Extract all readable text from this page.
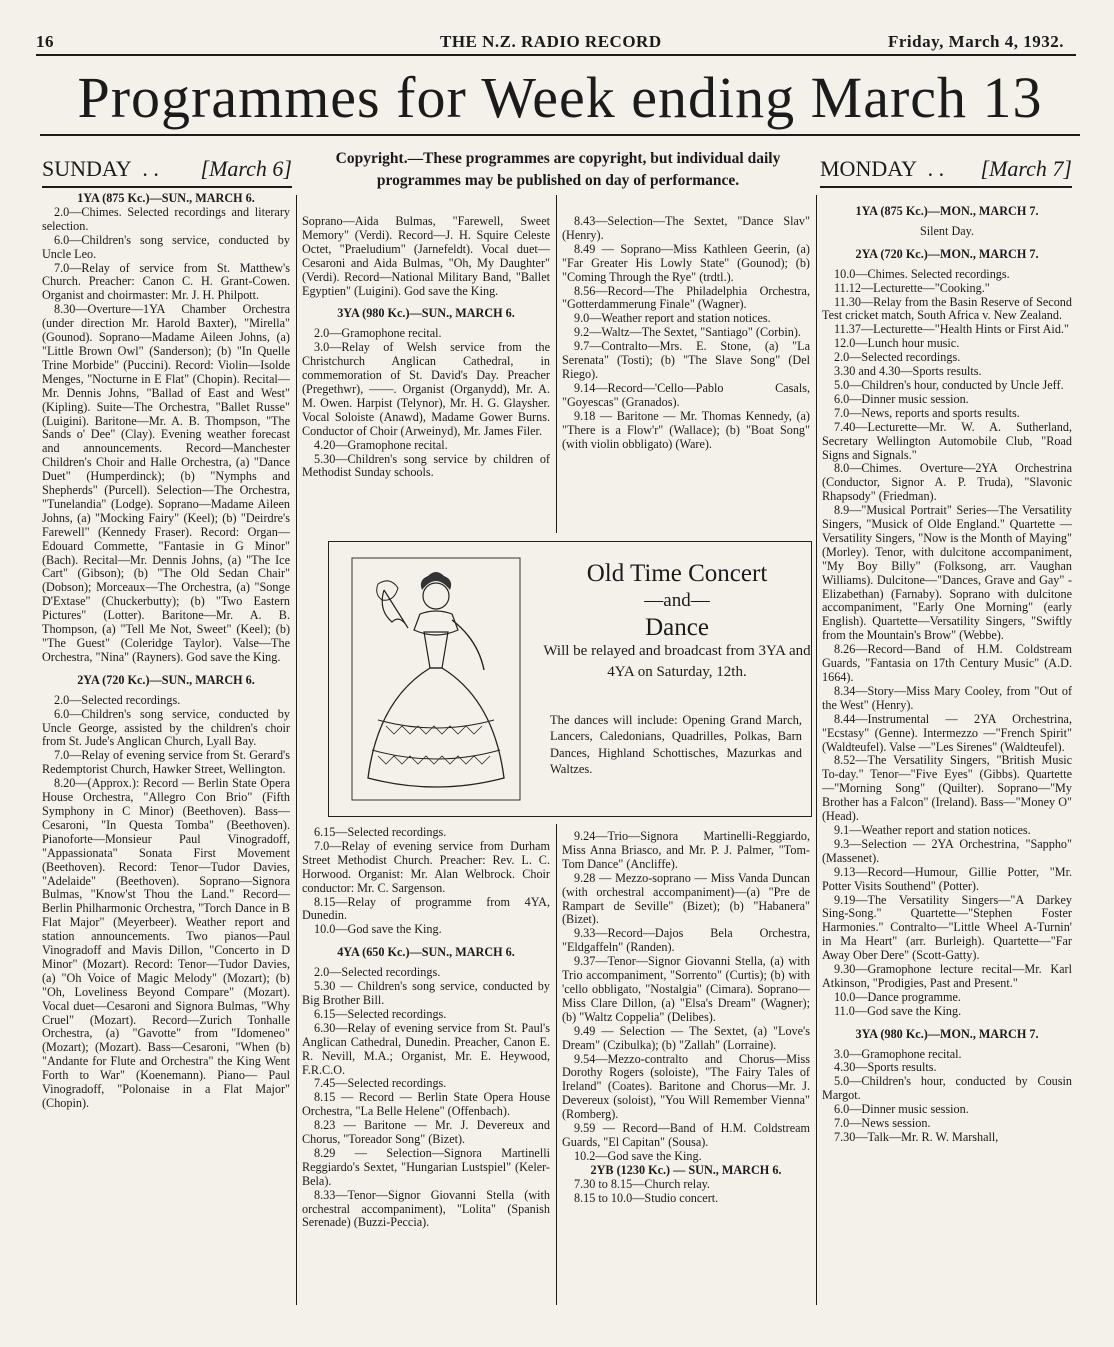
16	THE N.Z. RADIO RECORD	Friday, March 4, 1932.
Programmes for Week ending March 13
SUNDAY . . [March 6]	MONDAY . . [March 7]
Copyright.—These programmes are copyright, but individual daily programmes may be published on day of performance.

1YA (875 Kc.)—SUN., MARCH 6.

2.0—Chimes. Selected recordings and literary selection.

6.0—Children's song service, conducted by Uncle Leo.

7.0—Relay of service from St. Matthew's Church. Preacher: Canon C. H. Grant-Cowen. Organist and choirmaster: Mr. J. H. Philpott.

8.30—Overture—1YA Chamber Orchestra (under direction Mr. Harold Baxter), "Mirella" (Gounod). Soprano—Madame Aileen Johns, (a) "Little Brown Owl" (Sanderson); (b) "In Quelle Trine Morbide" (Puccini). Record: Violin—Isolde Menges, "Nocturne in E Flat" (Chopin). Recital—Mr. Dennis Johns, "Ballad of East and West" (Kipling). Suite—The Orchestra, "Ballet Russe" (Luigini). Baritone—Mr. A. B. Thompson, "The Sands o' Dee" (Clay). Evening weather forecast and announcements. Record—Manchester Children's Choir and Halle Orchestra, (a) "Dance Duet" (Humperdinck); (b) "Nymphs and Shepherds" (Purcell). Selection—The Orchestra, "Tunelandia" (Lodge). Soprano—Madame Aileen Johns, (a) "Mocking Fairy" (Keel); (b) "Deirdre's Farewell" (Kennedy Fraser). Record: Organ—Edouard Commette, "Fantasie in G Minor" (Bach). Recital—Mr. Dennis Johns, (a) "The Ice Cart" (Gibson); (b) "The Old Sedan Chair" (Dobson); Morceaux—The Orchestra, (a) "Songe D'Extase" (Chuckerbutty); (b) "Two Eastern Pictures" (Lotter). Baritone—Mr. A. B. Thompson, (a) "Tell Me Not, Sweet" (Keel); (b) "The Guest" (Coleridge Taylor). Valse—The Orchestra, "Nina" (Rayners). God save the King.

2YA (720 Kc.)—SUN., MARCH 6.

2.0—Selected recordings.

6.0—Children's song service, conducted by Uncle George, assisted by the children's choir from St. Jude's Anglican Church, Lyall Bay.

7.0—Relay of evening service from St. Gerard's Redemptorist Church, Hawker Street, Wellington.

8.20—(Approx.): Record — Berlin State Opera House Orchestra, "Allegro Con Brio" (Fifth Symphony in C Minor) (Beethoven). Bass— Cesaroni, "In Questa Tomba" (Beethoven). Pianoforte—Monsieur Paul Vinogradoff, "Appassionata" Sonata First Movement (Beethoven). Record: Tenor—Tudor Davies, "Adelaide" (Beethoven). Soprano—Signora Bulmas, "Know'st Thou the Land." Record—Berlin Philharmonic Orchestra, "Torch Dance in B Flat Major" (Meyerbeer). Weather report and station announcements. Two pianos—Paul Vinogradoff and Mavis Dillon, "Concerto in D Minor" (Mozart). Record: Tenor—Tudor Davies, (a) "Oh Voice of Magic Melody" (Mozart); (b) "Oh, Loveliness Beyond Compare" (Mozart). Vocal duet—Cesaroni and Signora Bulmas, "Why Cruel" (Mozart). Record—Zurich Tonhalle Orchestra, (a) "Gavotte" from "Idomeneo" (Mozart); (Mozart). Bass—Cesaroni, "When (b) "Andante for Flute and Orchestra" the King Went Forth to War" (Koenemann). Piano— Paul Vinogradoff, "Polonaise in a Flat Major" (Chopin).

Soprano—Aida Bulmas, "Farewell, Sweet Memory" (Verdi). Record—J. H. Squire Celeste Octet, "Praeludium" (Jarnefeldt). Vocal duet—Cesaroni and Aida Bulmas, "Oh, My Daughter" (Verdi). Record—National Military Band, "Ballet Egyptien" (Luigini). God save the King.

3YA (980 Kc.)—SUN., MARCH 6.

2.0—Gramophone recital.

3.0—Relay of Welsh service from the Christchurch Anglican Cathedral, in commemoration of St. David's Day. Preacher (Pregethwr), ——. Organist (Organydd), Mr. A. M. Owen. Harpist (Telynor), Mr. H. G. Glaysher. Vocal Soloiste (Anawd), Madame Gower Burns. Conductor of Choir (Arweinyd), Mr. James Filer.

4.20—Gramophone recital.

5.30—Children's song service by children of Methodist Sunday schools.

8.43—Selection—The Sextet, "Dance Slav" (Henry).

8.49 — Soprano—Miss Kathleen Geerin, (a) "Far Greater His Lowly State" (Gounod); (b) "Coming Through the Rye" (trdtl.).

8.56—Record—The Philadelphia Orchestra, "Gotterdammerung Finale" (Wagner).

9.0—Weather report and station notices.

9.2—Waltz—The Sextet, "Santiago" (Corbin).

9.7—Contralto—Mrs. E. Stone, (a) "La Serenata" (Tosti); (b) "The Slave Song" (Del Riego).

9.14—Record—'Cello—Pablo Casals, "Goyescas" (Granados).

9.18 — Baritone — Mr. Thomas Kennedy, (a) "There is a Flow'r" (Wallace); (b) "Boat Song" (with violin obbligato) (Ware).

6.15—Selected recordings.

7.0—Relay of evening service from Durham Street Methodist Church. Preacher: Rev. L. C. Horwood. Organist: Mr. Alan Welbrock. Choir conductor: Mr. C. Sargenson.

8.15—Relay of programme from 4YA, Dunedin.

10.0—God save the King.

4YA (650 Kc.)—SUN., MARCH 6.

2.0—Selected recordings.

5.30 — Children's song service, conducted by Big Brother Bill.

6.15—Selected recordings.

6.30—Relay of evening service from St. Paul's Anglican Cathedral, Dunedin. Preacher, Canon E. R. Nevill, M.A.; Organist, Mr. E. Heywood, F.R.C.O.

7.45—Selected recordings.

8.15 — Record — Berlin State Opera House Orchestra, "La Belle Helene" (Offenbach).

8.23 — Baritone — Mr. J. Devereux and Chorus, "Toreador Song" (Bizet).

8.29 — Selection—Signora Martinelli Reggiardo's Sextet, "Hungarian Lustspiel" (Keler-Bela).

8.33—Tenor—Signor Giovanni Stella (with orchestral accompaniment), "Lolita" (Spanish Serenade) (Buzzi-Peccia).

9.24—Trio—Signora Martinelli-Reggiardo, Miss Anna Briasco, and Mr. P. J. Palmer, "Tom-Tom Dance" (Ancliffe).

9.28 — Mezzo-soprano — Miss Vanda Duncan (with orchestral accompaniment)—(a) "Pre de Rampart de Seville" (Bizet); (b) "Habanera" (Bizet).

9.33—Record—Dajos Bela Orchestra, "Eldgaffeln" (Randen).

9.37—Tenor—Signor Giovanni Stella, (a) with Trio accompaniment, "Sorrento" (Curtis); (b) with 'cello obbligato, "Nostalgia" (Cimara). Soprano—Miss Clare Dillon, (a) "Elsa's Dream" (Wagner); (b) "Waltz Coppelia" (Delibes).

9.49 — Selection — The Sextet, (a) "Love's Dream" (Czibulka); (b) "Zallah" (Lorraine).

9.54—Mezzo-contralto and Chorus—Miss Dorothy Rogers (soloiste), "The Fairy Tales of Ireland" (Coates). Baritone and Chorus—Mr. J. Devereux (soloist), "You Will Remember Vienna" (Romberg).

9.59 — Record—Band of H.M. Coldstream Guards, "El Capitan" (Sousa).

10.2—God save the King.

2YB (1230 Kc.) — SUN., MARCH 6.

7.30 to 8.15—Church relay.

8.15 to 10.0—Studio concert.

1YA (875 Kc.)—MON., MARCH 7.

Silent Day.

2YA (720 Kc.)—MON., MARCH 7.

10.0—Chimes. Selected recordings.

11.12—Lecturette—"Cooking."

11.30—Relay from the Basin Reserve of Second Test cricket match, South Africa v. New Zealand.

11.37—Lecturette—"Health Hints or First Aid."

12.0—Lunch hour music.

2.0—Selected recordings.

3.30 and 4.30—Sports results.

5.0—Children's hour, conducted by Uncle Jeff.

6.0—Dinner music session.

7.0—News, reports and sports results.

7.40—Lecturette—Mr. W. A. Sutherland, Secretary Wellington Automobile Club, "Road Signs and Signals."

8.0—Chimes. Overture—2YA Orchestrina (Conductor, Signor A. P. Truda), "Slavonic Rhapsody" (Friedman).

8.9—"Musical Portrait" Series—The Versatility Singers, "Musick of Olde England." Quartette — Versatility Singers, "Now is the Month of Maying" (Morley). Tenor, with dulcitone accompaniment, "My Boy Billy" (Folksong, arr. Vaughan Williams). Dulcitone—"Dances, Grave and Gay" -Elizabethan) (Farnaby). Soprano with dulcitone accompaniment, "Early One Morning" (early English). Quartette—Versatility Singers, "Swiftly from the Mountain's Brow" (Webbe).

8.26—Record—Band of H.M. Coldstream Guards, "Fantasia on 17th Century Music" (A.D. 1664).

8.34—Story—Miss Mary Cooley, from "Out of the West" (Henry).

8.44—Instrumental — 2YA Orchestrina, "Ecstasy" (Genne). Intermezzo —"French Spirit" (Waldteufel). Valse —"Les Sirenes" (Waldteufel).

8.52—The Versatility Singers, "British Music To-day." Tenor—"Five Eyes" (Gibbs). Quartette—"Morning Song" (Quilter). Soprano—"My Brother has a Falcon" (Ireland). Bass—"Money O" (Head).

9.1—Weather report and station notices.

9.3—Selection — 2YA Orchestrina, "Sappho" (Massenet).

9.13—Record—Humour, Gillie Potter, "Mr. Potter Visits Southend" (Potter).

9.19—The Versatility Singers—"A Darkey Sing-Song." Quartette—"Stephen Foster Harmonies." Contralto—"Little Wheel A-Turnin' in Ma Heart" (arr. Burleigh). Quartette—"Far Away Ober Dere" (Scott-Gatty).

9.30—Gramophone lecture recital—Mr. Karl Atkinson, "Prodigies, Past and Present."

10.0—Dance programme.

11.0—God save the King.

3YA (980 Kc.)—MON., MARCH 7.

3.0—Gramophone recital.

4.30—Sports results.

5.0—Children's hour, conducted by Cousin Margot.

6.0—Dinner music session.

7.0—News session.

7.30—Talk—Mr. R. W. Marshall,

Old Time Concert
—and—
Dance
Will be relayed and broadcast from 3YA and 4YA on Saturday, 12th.
The dances will include: Opening Grand March, Lancers, Caledonians, Quadrilles, Polkas, Barn Dances, Highland Schottisches, Mazurkas and Waltzes.
